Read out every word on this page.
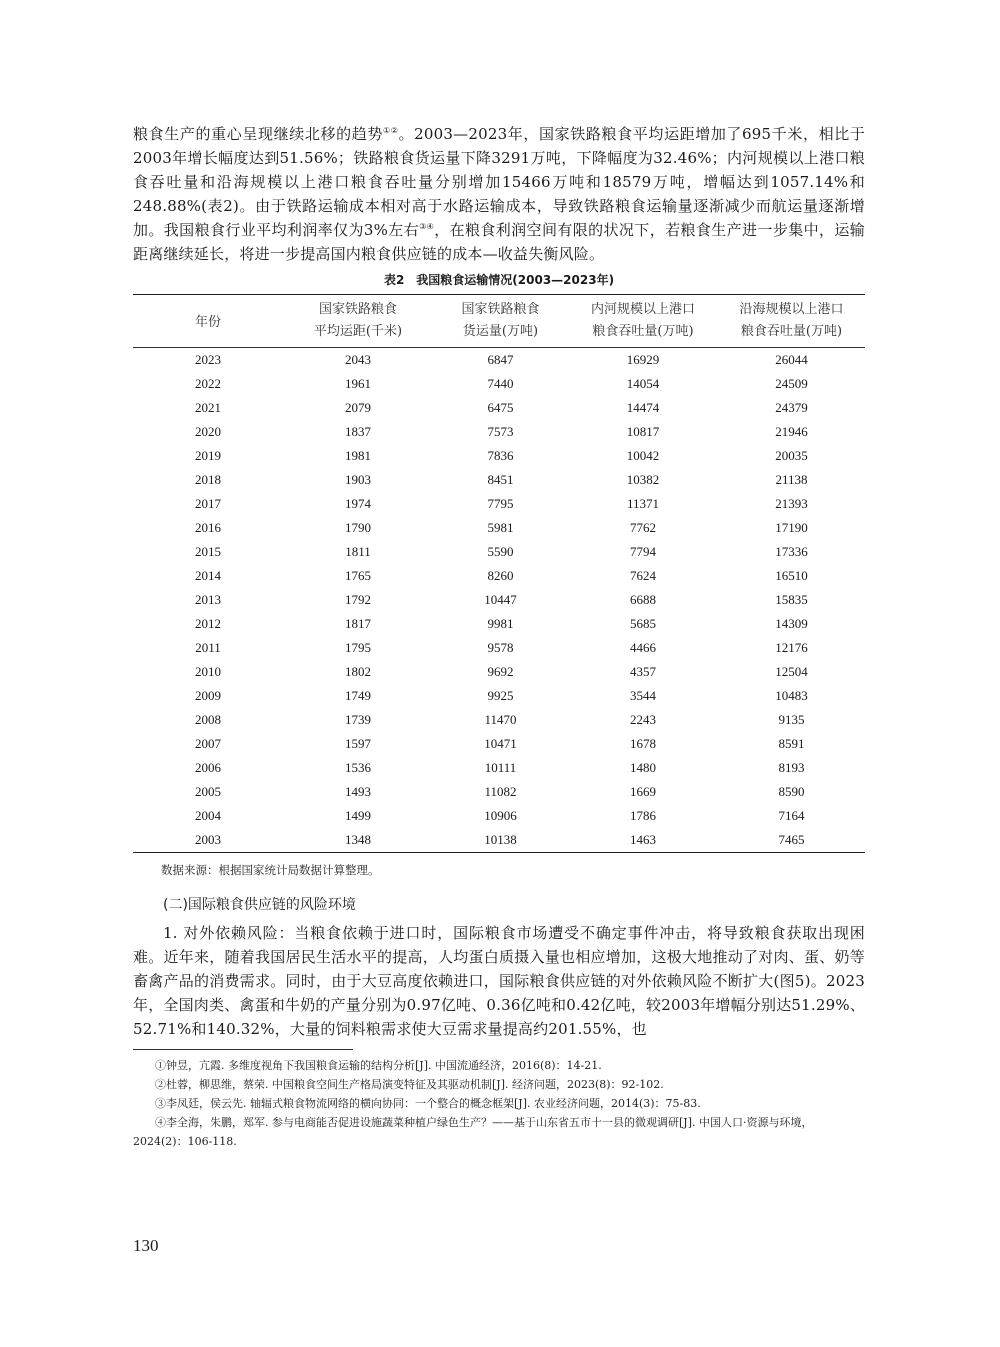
粮食生产的重心呈现继续北移的趋势①②。2003—2023年，国家铁路粮食平均运距增加了695千米，相比于2003年增长幅度达到51.56%；铁路粮食货运量下降3291万吨，下降幅度为32.46%；内河规模以上港口粮食吞吐量和沿海规模以上港口粮食吞吐量分别增加15466万吨和18579万吨，增幅达到1057.14%和248.88%(表2)。由于铁路运输成本相对高于水路运输成本，导致铁路粮食运输量逐渐减少而航运量逐渐增加。我国粮食行业平均利润率仅为3%左右③④，在粮食利润空间有限的状况下，若粮食生产进一步集中，运输距离继续延长，将进一步提高国内粮食供应链的成本—收益失衡风险。

表2　我国粮食运输情况(2003—2023年)
年份	国家铁路粮食	国家铁路粮食	内河规模以上港口	沿海规模以上港口
	平均运距(千米)	货运量(万吨)	粮食吞吐量(万吨)	粮食吞吐量(万吨)
2023	2043	6847	16929	26044
2022	1961	7440	14054	24509
2021	2079	6475	14474	24379
2020	1837	7573	10817	21946
2019	1981	7836	10042	20035
2018	1903	8451	10382	21138
2017	1974	7795	11371	21393
2016	1790	5981	7762	17190
2015	1811	5590	7794	17336
2014	1765	8260	7624	16510
2013	1792	10447	6688	15835
2012	1817	9981	5685	14309
2011	1795	9578	4466	12176
2010	1802	9692	4357	12504
2009	1749	9925	3544	10483
2008	1739	11470	2243	9135
2007	1597	10471	1678	8591
2006	1536	10111	1480	8193
2005	1493	11082	1669	8590
2004	1499	10906	1786	7164
2003	1348	10138	1463	7465
数据来源：根据国家统计局数据计算整理。
(二)国际粮食供应链的风险环境

1. 对外依赖风险：当粮食依赖于进口时，国际粮食市场遭受不确定事件冲击，将导致粮食获取出现困难。近年来，随着我国居民生活水平的提高，人均蛋白质摄入量也相应增加，这极大地推动了对肉、蛋、奶等畜禽产品的消费需求。同时，由于大豆高度依赖进口，国际粮食供应链的对外依赖风险不断扩大(图5)。2023年，全国肉类、禽蛋和牛奶的产量分别为0.97亿吨、0.36亿吨和0.42亿吨，较2003年增幅分别达51.29%、52.71%和140.32%，大量的饲料粮需求使大豆需求量提高约201.55%，也

①钟昱，亢霞. 多维度视角下我国粮食运输的结构分析[J]. 中国流通经济，2016(8)：14-21.

②杜蓉，柳思维，蔡荣. 中国粮食空间生产格局演变特征及其驱动机制[J]. 经济问题，2023(8)：92-102.

③李凤廷，侯云先. 轴辐式粮食物流网络的横向协同：一个整合的概念框架[J]. 农业经济问题，2014(3)：75-83.

④李全海，朱鹏，郑军. 参与电商能否促进设施蔬菜种植户绿色生产？——基于山东省五市十一县的微观调研[J]. 中国人口·资源与环境，2024(2)：106-118.

130
